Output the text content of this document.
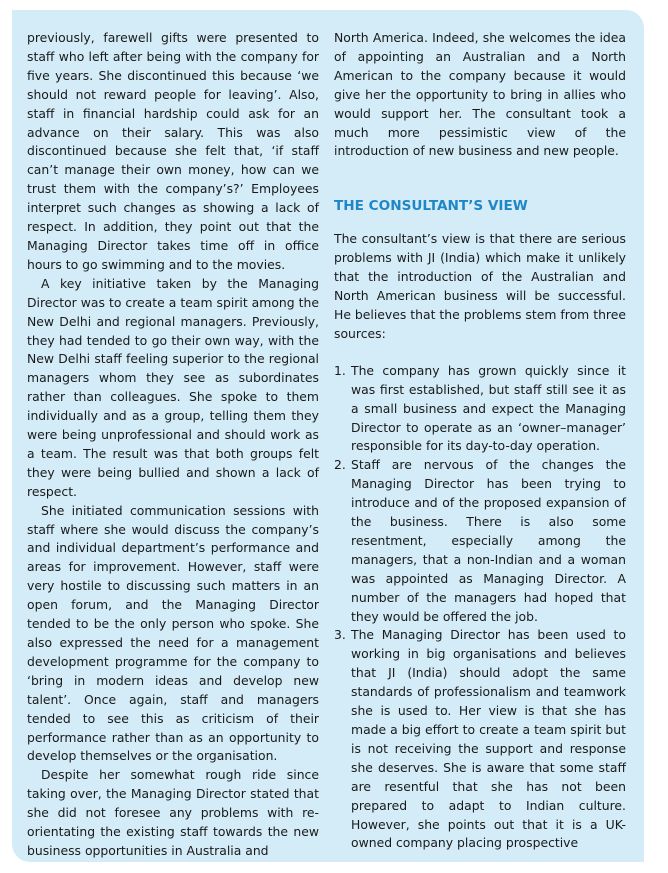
previously, farewell gifts were presented to staff who left after being with the company for five years. She discontinued this because ‘we should not reward people for leaving’. Also, staff in financial hardship could ask for an advance on their salary. This was also discontinued because she felt that, ‘if staff can’t manage their own money, how can we trust them with the company’s?’ Employees interpret such changes as showing a lack of respect. In addition, they point out that the Managing Director takes time off in office hours to go swimming and to the movies.

A key initiative taken by the Managing Director was to create a team spirit among the New Delhi and regional managers. Previously, they had tended to go their own way, with the New Delhi staff feeling superior to the regional managers whom they see as subordinates rather than colleagues. She spoke to them individually and as a group, telling them they were being unprofessional and should work as a team. The result was that both groups felt they were being bullied and shown a lack of respect.

She initiated communication sessions with staff where she would discuss the company’s and individual department’s performance and areas for improvement. However, staff were very hostile to discussing such matters in an open forum, and the Managing Director tended to be the only person who spoke. She also expressed the need for a management development programme for the company to ‘bring in modern ideas and develop new talent’. Once again, staff and managers tended to see this as criticism of their performance rather than as an opportunity to develop themselves or the organisation.

Despite her somewhat rough ride since taking over, the Managing Director stated that she did not foresee any problems with re-orientating the existing staff towards the new business opportunities in Australia and

North America. Indeed, she welcomes the idea of appointing an Australian and a North American to the company because it would give her the opportunity to bring in allies who would support her. The consultant took a much more pessimistic view of the introduction of new business and new people.

THE CONSULTANT’S VIEW

The consultant’s view is that there are serious problems with JI (India) which make it unlikely that the introduction of the Australian and North American business will be successful. He believes that the problems stem from three sources:

1. The company has grown quickly since it was first established, but staff still see it as a small business and expect the Managing Director to operate as an ‘owner–manager’ responsible for its day-to-day operation.
2. Staff are nervous of the changes the Managing Director has been trying to introduce and of the proposed expansion of the business. There is also some resentment, especially among the managers, that a non-Indian and a woman was appointed as Managing Director. A number of the managers had hoped that they would be offered the job.
3. The Managing Director has been used to working in big organisations and believes that JI (India) should adopt the same standards of professionalism and teamwork she is used to. Her view is that she has made a big effort to create a team spirit but is not receiving the support and response she deserves. She is aware that some staff are resentful that she has not been prepared to adapt to Indian culture. However, she points out that it is a UK-owned company placing prospective
